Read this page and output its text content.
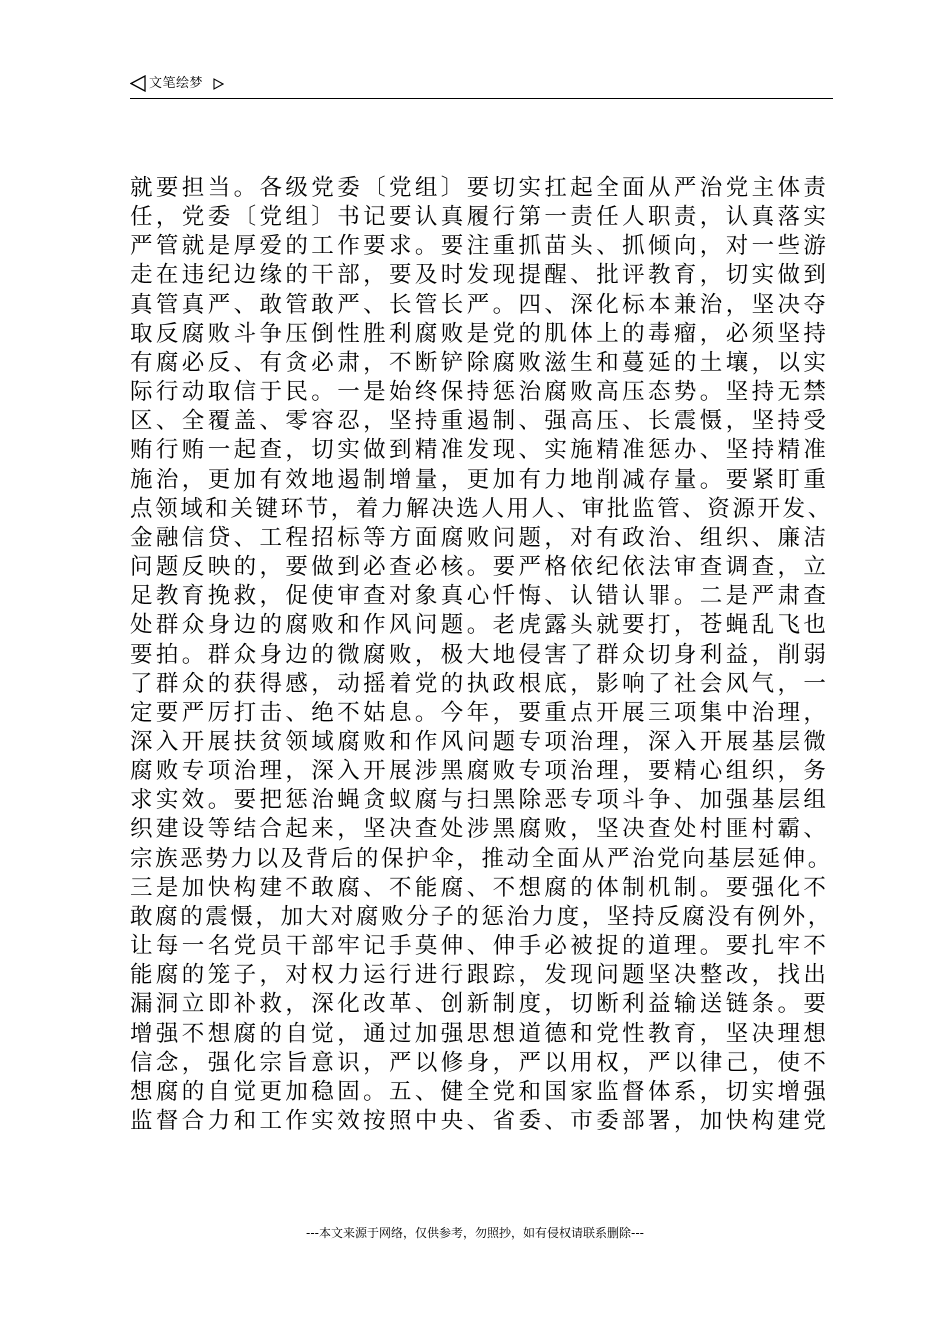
文笔绘梦

就要担当。各级党委〔党组〕要切实扛起全面从严治党主体责

任，党委〔党组〕书记要认真履行第一责任人职责，认真落实

严管就是厚爱的工作要求。要注重抓苗头、抓倾向，对一些游

走在违纪边缘的干部，要及时发现提醒、批评教育，切实做到

真管真严、敢管敢严、长管长严。四、深化标本兼治，坚决夺

取反腐败斗争压倒性胜利腐败是党的肌体上的毒瘤，必须坚持

有腐必反、有贪必肃，不断铲除腐败滋生和蔓延的土壤，以实

际行动取信于民。一是始终保持惩治腐败高压态势。坚持无禁

区、全覆盖、零容忍，坚持重遏制、强高压、长震慑，坚持受

贿行贿一起查，切实做到精准发现、实施精准惩办、坚持精准

施治，更加有效地遏制增量，更加有力地削减存量。要紧盯重

点领域和关键环节，着力解决选人用人、审批监管、资源开发、

金融信贷、工程招标等方面腐败问题，对有政治、组织、廉洁

问题反映的，要做到必查必核。要严格依纪依法审查调查，立

足教育挽救，促使审查对象真心忏悔、认错认罪。二是严肃查

处群众身边的腐败和作风问题。老虎露头就要打，苍蝇乱飞也

要拍。群众身边的微腐败，极大地侵害了群众切身利益，削弱

了群众的获得感，动摇着党的执政根底，影响了社会风气，一

定要严厉打击、绝不姑息。今年，要重点开展三项集中治理，

深入开展扶贫领域腐败和作风问题专项治理，深入开展基层微

腐败专项治理，深入开展涉黑腐败专项治理，要精心组织，务

求实效。要把惩治蝇贪蚁腐与扫黑除恶专项斗争、加强基层组

织建设等结合起来，坚决查处涉黑腐败，坚决查处村匪村霸、

宗族恶势力以及背后的保护伞，推动全面从严治党向基层延伸。

三是加快构建不敢腐、不能腐、不想腐的体制机制。要强化不

敢腐的震慑，加大对腐败分子的惩治力度，坚持反腐没有例外，

让每一名党员干部牢记手莫伸、伸手必被捉的道理。要扎牢不

能腐的笼子，对权力运行进行跟踪，发现问题坚决整改，找出

漏洞立即补救，深化改革、创新制度，切断利益输送链条。要

增强不想腐的自觉，通过加强思想道德和党性教育，坚决理想

信念，强化宗旨意识，严以修身，严以用权，严以律己，使不

想腐的自觉更加稳固。五、健全党和国家监督体系，切实增强

监督合力和工作实效按照中央、省委、市委部署，加快构建党

---本文来源于网络，仅供参考，勿照抄，如有侵权请联系删除---
